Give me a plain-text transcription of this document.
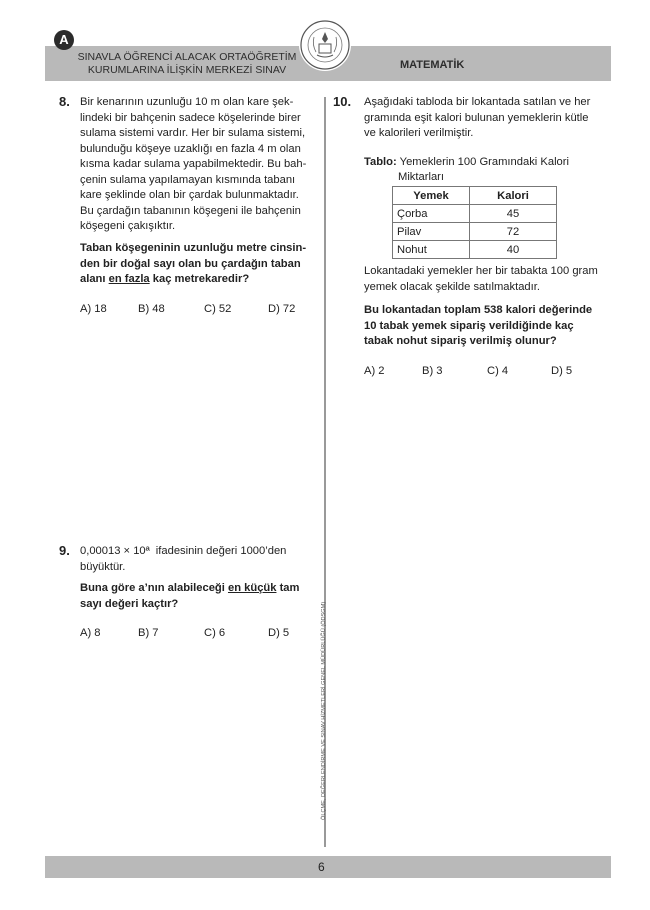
A
SINAVLA ÖĞRENCİ ALACAK ORTAÖĞRETİM
KURUMLARINA İLİŞKİN MERKEZİ SINAV	MATEMATİK
ÖLÇME, DEĞERLENDİRME VE SINAV HİZMETLERİ GENEL MÜDÜRLÜĞÜ (ÖDSGM)
8. Bir kenarının uzunluğu 10 m olan kare şek-
lindeki bir bahçenin sadece köşelerinde birer
sulama sistemi vardır. Her bir sulama sistemi,
bulunduğu köşeye uzaklığı en fazla 4 m olan
kısma kadar sulama yapabilmektedir. Bu bah-
çenin sulama yapılamayan kısmında tabanı
kare şeklinde olan bir çardak bulunmaktadır.
Bu çardağın tabanının köşegeni ile bahçenin
köşegeni çakışıktır.
Taban köşegeninin uzunluğu metre cinsin-
den bir doğal sayı olan bu çardağın taban
alanı en fazla kaç metrekaredir?
A) 18	B) 48	C) 52	D) 72
9. 0,00013 × 10ª ifadesinin değeri 1000’den
büyüktür.
Buna göre a’nın alabileceği en küçük tam
sayı değeri kaçtır?
A) 8	B) 7	C) 6	D) 5
10. Aşağıdaki tabloda bir lokantada satılan ve her
gramında eşit kalori bulunan yemeklerin kütle
ve kalorileri verilmiştir.
Tablo: Yemeklerin 100 Gramındaki Kalori
Miktarları
Yemek	Kalori
Çorba	45
Pilav	72
Nohut	40
Lokantadaki yemekler her bir tabakta 100 gram
yemek olacak şekilde satılmaktadır.
Bu lokantadan toplam 538 kalori değerinde
10 tabak yemek sipariş verildiğinde kaç
tabak nohut sipariş verilmiş olunur?
A) 2	B) 3	C) 4	D) 5
6
